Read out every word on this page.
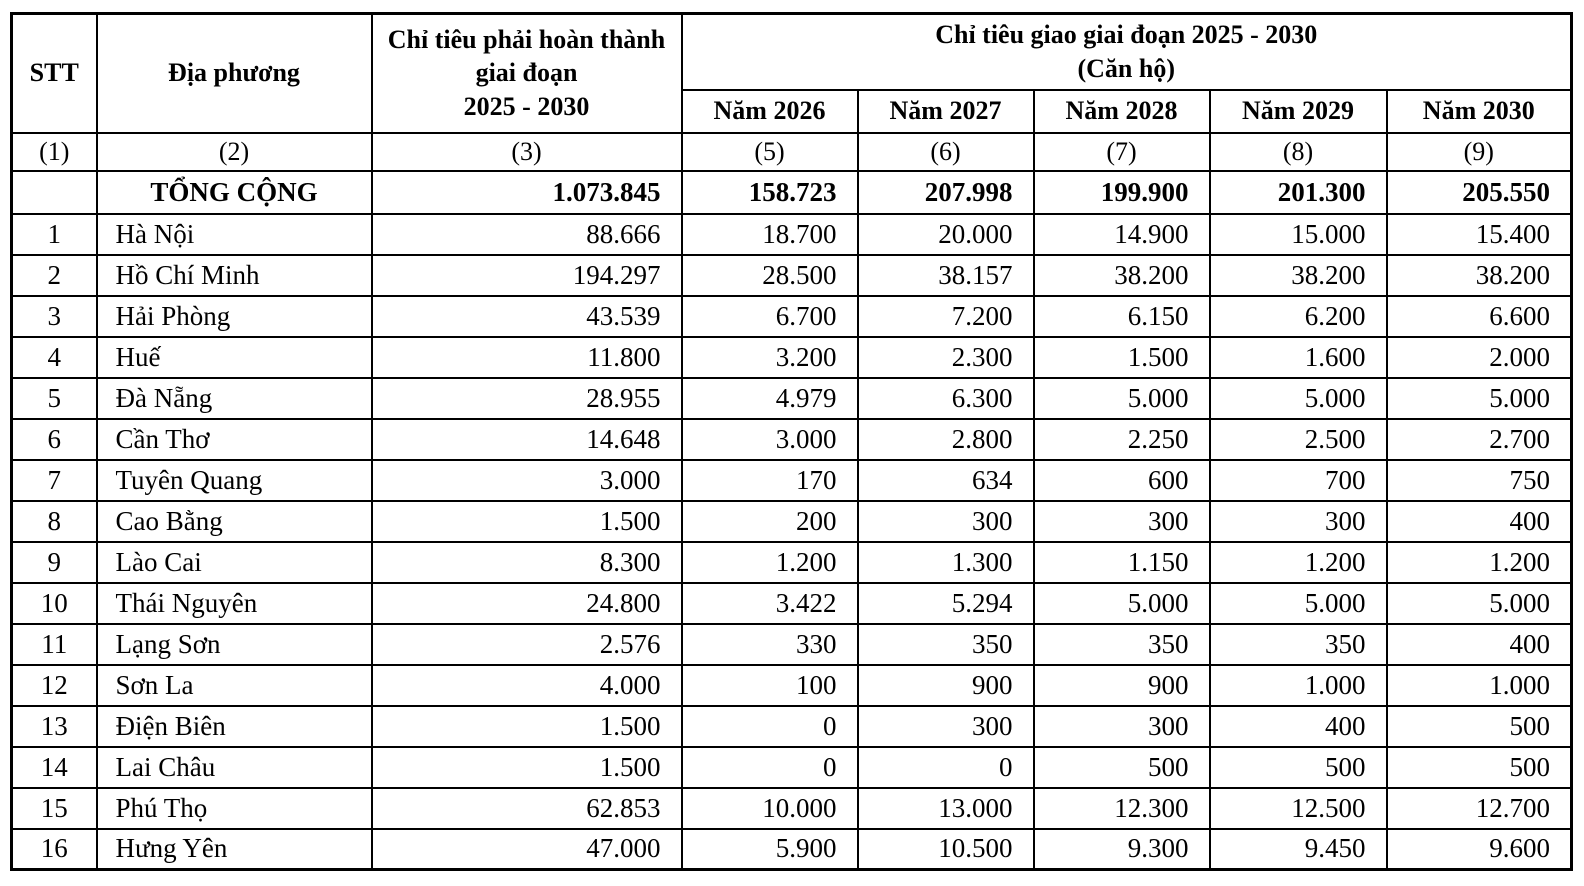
STT	Địa phương	
Chỉ tiêu phải hoàn thành giai đoạn
2025 - 2030

Chỉ tiêu giao giai đoạn 2025 - 2030
(Căn hộ)

			Năm 2026	Năm 2027	Năm 2028	Năm 2029	Năm 2030
(1)	(2)	(3)	(5)	(6)	(7)	(8)	(9)
	TỔNG CỘNG	1.073.845	158.723	207.998	199.900	201.300	205.550
1	Hà Nội	88.666	18.700	20.000	14.900	15.000	15.400
2	Hồ Chí Minh	194.297	28.500	38.157	38.200	38.200	38.200
3	Hải Phòng	43.539	6.700	7.200	6.150	6.200	6.600
4	Huế	11.800	3.200	2.300	1.500	1.600	2.000
5	Đà Nẵng	28.955	4.979	6.300	5.000	5.000	5.000
6	Cần Thơ	14.648	3.000	2.800	2.250	2.500	2.700
7	Tuyên Quang	3.000	170	634	600	700	750
8	Cao Bằng	1.500	200	300	300	300	400
9	Lào Cai	8.300	1.200	1.300	1.150	1.200	1.200
10	Thái Nguyên	24.800	3.422	5.294	5.000	5.000	5.000
11	Lạng Sơn	2.576	330	350	350	350	400
12	Sơn La	4.000	100	900	900	1.000	1.000
13	Điện Biên	1.500	0	300	300	400	500
14	Lai Châu	1.500	0	0	500	500	500
15	Phú Thọ	62.853	10.000	13.000	12.300	12.500	12.700
16	Hưng Yên	47.000	5.900	10.500	9.300	9.450	9.600
